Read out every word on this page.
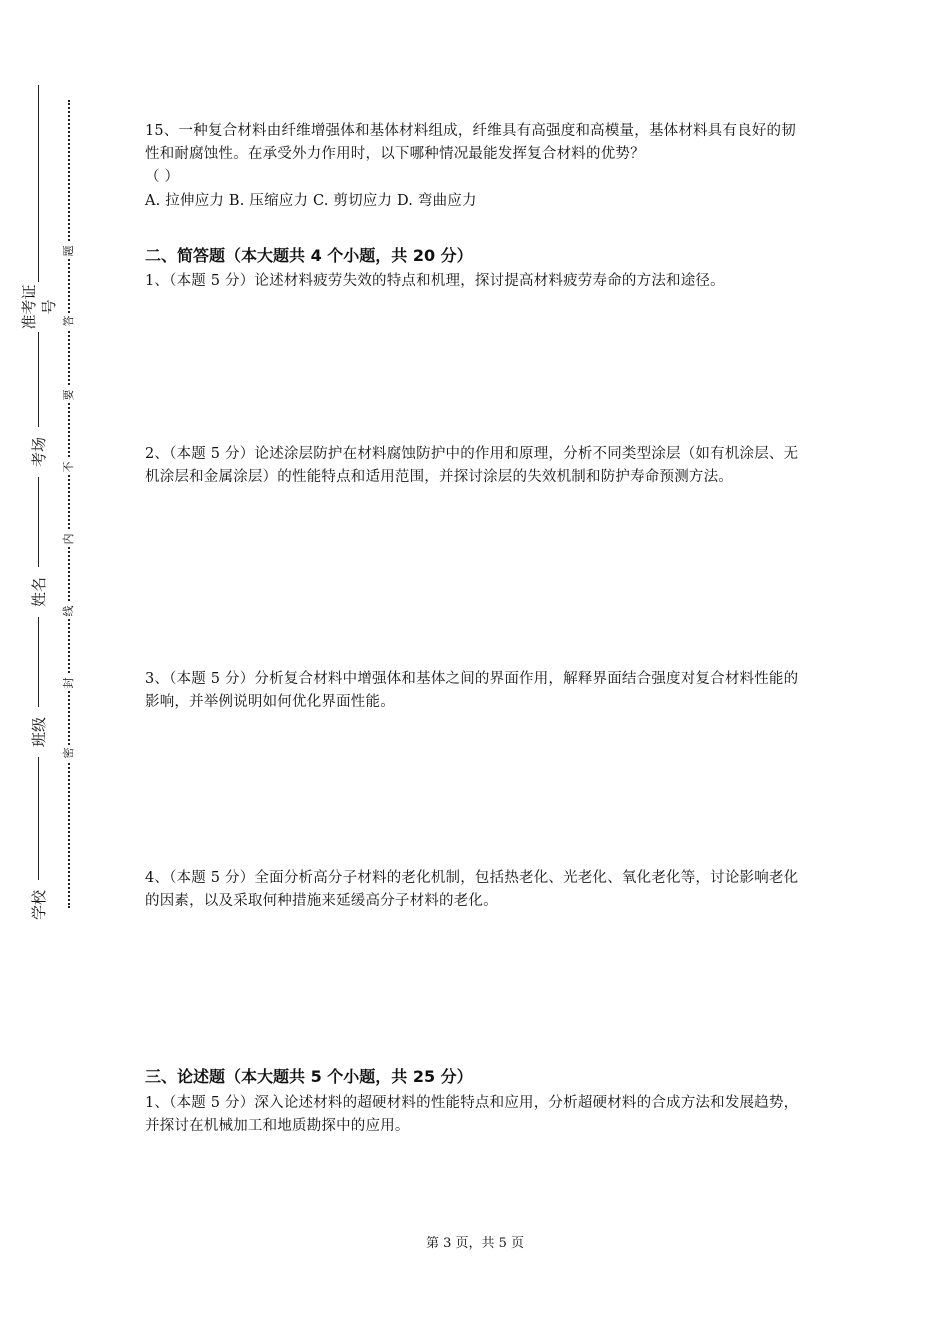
准考证号
考场
姓名
班级
学校
题
答
要
不
内
线
封
密

15、一种复合材料由纤维增强体和基体材料组成，纤维具有高强度和高模量，基体材料具有良好的韧性和耐腐蚀性。在承受外力作用时，以下哪种情况最能发挥复合材料的优势？

（ ）

A. 拉伸应力 B. 压缩应力 C. 剪切应力 D. 弯曲应力

二、简答题（本大题共 4 个小题，共 20 分）

1、（本题 5 分）论述材料疲劳失效的特点和机理，探讨提高材料疲劳寿命的方法和途径。

2、（本题 5 分）论述涂层防护在材料腐蚀防护中的作用和原理，分析不同类型涂层（如有机涂层、无机涂层和金属涂层）的性能特点和适用范围，并探讨涂层的失效机制和防护寿命预测方法。

3、（本题 5 分）分析复合材料中增强体和基体之间的界面作用，解释界面结合强度对复合材料性能的影响，并举例说明如何优化界面性能。

4、（本题 5 分）全面分析高分子材料的老化机制，包括热老化、光老化、氧化老化等，讨论影响老化的因素，以及采取何种措施来延缓高分子材料的老化。

三、论述题（本大题共 5 个小题，共 25 分）

1、（本题 5 分）深入论述材料的超硬材料的性能特点和应用，分析超硬材料的合成方法和发展趋势，并探讨在机械加工和地质勘探中的应用。

第 3 页，共 5 页
